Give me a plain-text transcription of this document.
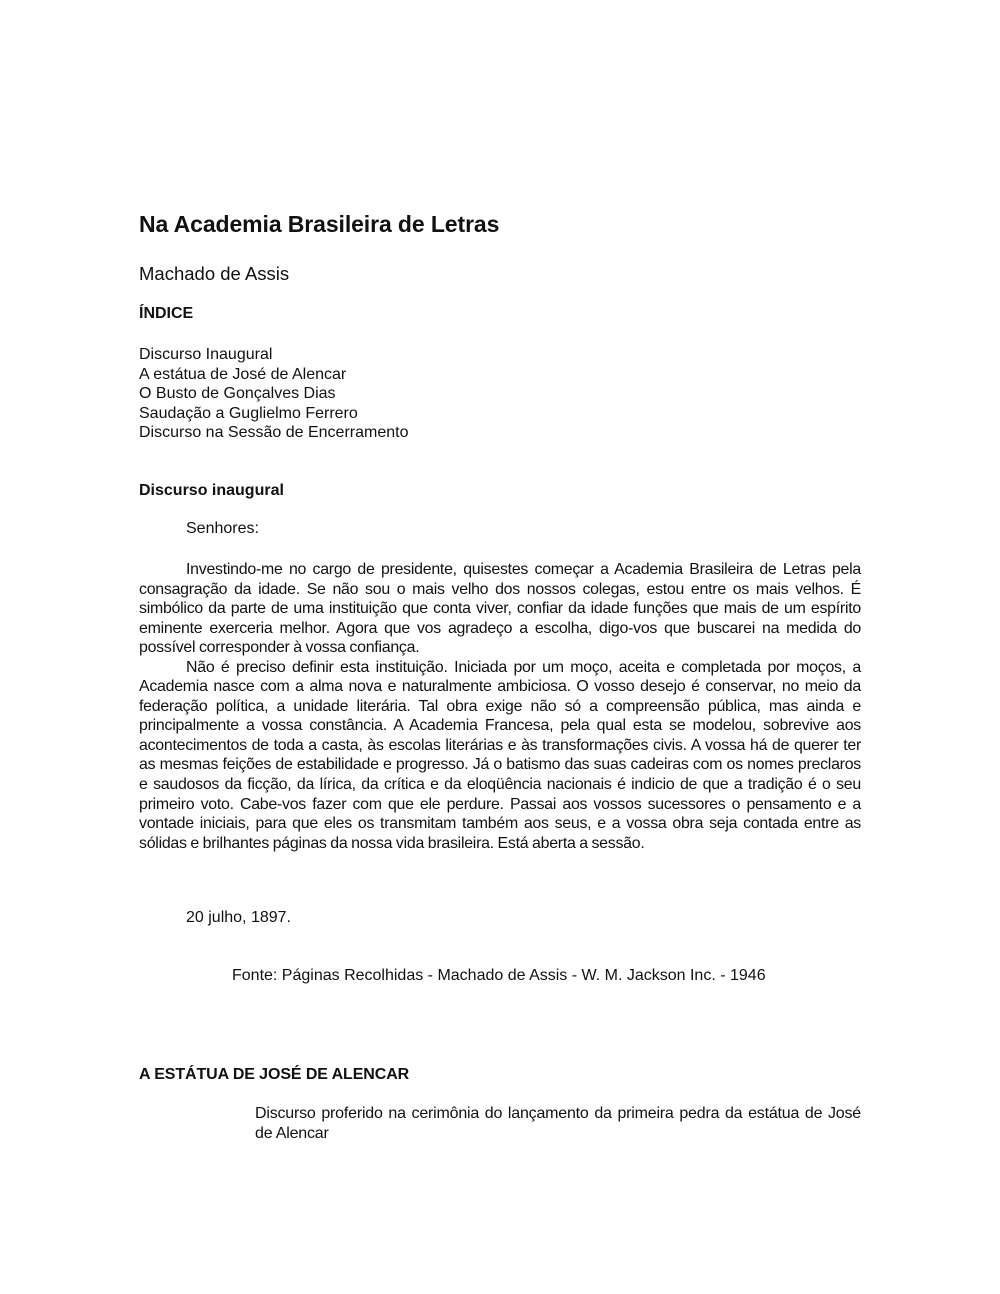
Na Academia Brasileira de Letras
Machado de Assis
ÍNDICE
Discurso Inaugural
A estátua de José de Alencar
O Busto de Gonçalves Dias
Saudação a Guglielmo Ferrero
Discurso na Sessão de Encerramento
Discurso inaugural
Senhores:

Investindo-me no cargo de presidente, quisestes começar a Academia Brasileira de Letras pela consagração da idade. Se não sou o mais velho dos nossos colegas, estou entre os mais velhos. É simbólico da parte de uma instituição que conta viver, confiar da idade funções que mais de um espírito eminente exerceria melhor. Agora que vos agradeço a escolha, digo-vos que buscarei na medida do possível corresponder à vossa confiança.

Não é preciso definir esta instituição. Iniciada por um moço, aceita e completada por moços, a Academia nasce com a alma nova e naturalmente ambiciosa. O vosso desejo é conservar, no meio da federação política, a unidade literária. Tal obra exige não só a compreensão pública, mas ainda e principalmente a vossa constância. A Academia Francesa, pela qual esta se modelou, sobrevive aos acontecimentos de toda a casta, às escolas literárias e às transformações civis. A vossa há de querer ter as mesmas feições de estabilidade e progresso. Já o batismo das suas cadeiras com os nomes preclaros e saudosos da ficção, da lírica, da crítica e da eloqüência nacionais é indicio de que a tradição é o seu primeiro voto. Cabe-vos fazer com que ele perdure. Passai aos vossos sucessores o pensamento e a vontade iniciais, para que eles os transmitam também aos seus, e a vossa obra seja contada entre as sólidas e brilhantes páginas da nossa vida brasileira. Está aberta a sessão.

20 julho, 1897.
Fonte: Páginas Recolhidas - Machado de Assis - W. M. Jackson Inc. - 1946
A ESTÁTUA DE JOSÉ DE ALENCAR
Discurso proferido na cerimônia do lançamento da primeira pedra da estátua de José de Alencar
